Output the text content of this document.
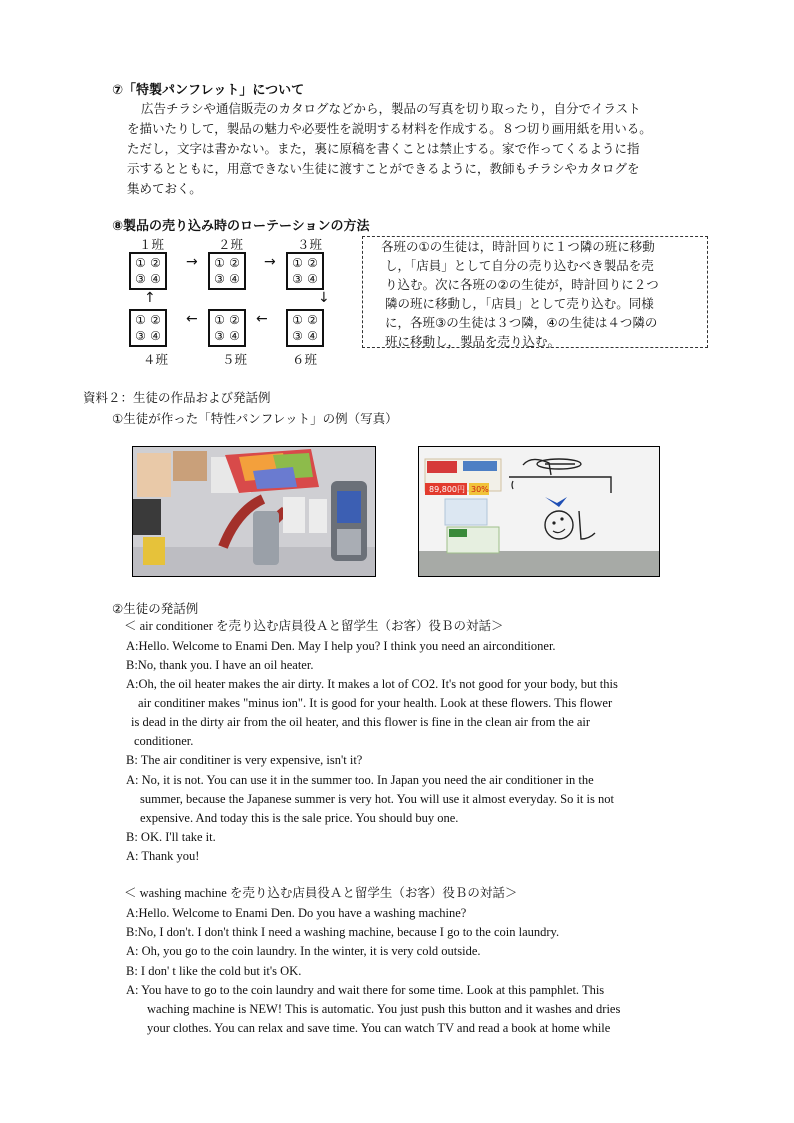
⑦「特製パンフレット」について
広告チラシや通信販売のカタログなどから，製品の写真を切り取ったり，自分でイラスト
を描いたりして，製品の魅力や必要性を説明する材料を作成する。８つ切り画用紙を用いる。
ただし，文字は書かない。また，裏に原稿を書くことは禁止する。家で作ってくるように指
示するとともに，用意できない生徒に渡すことができるように，教師もチラシやカタログを
集めておく。
⑧製品の売り込み時のローテーションの方法
１班	２班	３班
① ②
③ ④
① ②
③ ④
① ②
③ ④
→	→
↑	↓
① ②
③ ④
① ②
③ ④
① ②
③ ④
←	←
４班	５班	６班
各班の①の生徒は，時計回りに１つ隣の班に移動
し，「店員」として自分の売り込むべき製品を売
り込む。次に各班の②の生徒が，時計回りに２つ
隣の班に移動し，「店員」として売り込む。同様
に，各班③の生徒は３つ隣，④の生徒は４つ隣の
班に移動し，製品を売り込む。
資料２：生徒の作品および発話例
①生徒が作った「特性パンフレット」の例（写真）
89,800円 30%
②生徒の発話例
＜ air conditioner を売り込む店員役Ａと留学生（お客）役Ｂの対話＞
A:Hello. Welcome to Enami Den. May I help you? I think you need an airconditioner.
B:No, thank you. I have an oil heater.
A:Oh, the oil heater makes the air dirty. It makes a lot of CO2. It's not good for your body, but this
air conditiner makes "minus ion". It is good for your health. Look at these flowers. This flower
is dead in the dirty air from the oil heater, and this flower is fine in the clean air from the air
conditioner.
B: The air conditiner is very expensive, isn't it?
A: No, it is not. You can use it in the summer too. In Japan you need the air conditioner in the
summer, because the Japanese summer is very hot. You will use it almost everyday. So it is not
expensive. And today this is the sale price. You should buy one.
B: OK. I'll take it.
A: Thank you!
＜ washing machine を売り込む店員役Ａと留学生（お客）役Ｂの対話＞
A:Hello. Welcome to Enami Den. Do you have a washing machine?
B:No, I don't. I don't think I need a washing machine, because I go to the coin laundry.
A: Oh, you go to the coin laundry. In the winter, it is very cold outside.
B: I don' t like the cold but it's OK.
A: You have to go to the coin laundry and wait there for some time. Look at this pamphlet. This
waching machine is NEW! This is automatic. You just push this button and it washes and dries
your clothes. You can relax and save time. You can watch TV and read a book at home while
